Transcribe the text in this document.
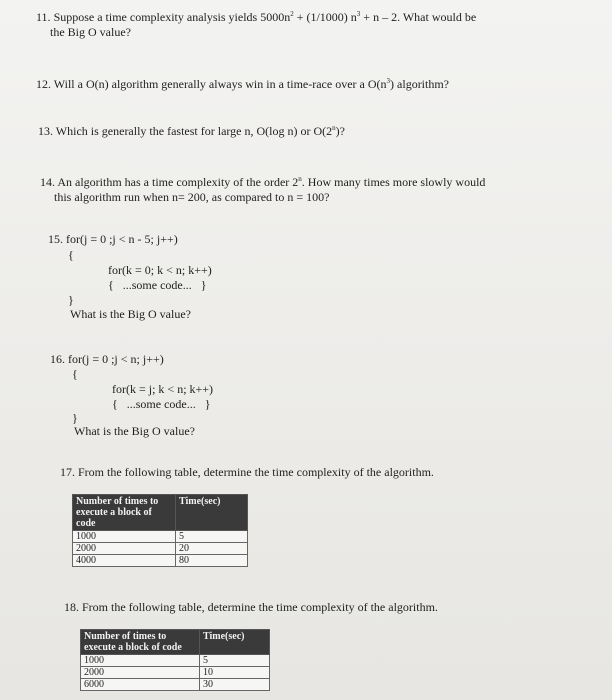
11. Suppose a time complexity analysis yields $5000n^2 + (1/1000) n^3 + n - 2$. What would be
the Big O value?
12. Will a O(n) algorithm generally always win in a time-race over a $O(n^3)$ algorithm?
13. Which is generally the fastest for large n, O(log n) or O(2$^n$)?
14. An algorithm has a time complexity of the order 2$^n$. How many times more slowly would
this algorithm run when n= 200, as compared to n = 100?
15. for(j = 0 ;j < n - 5; j++)
{
for(k = 0; k < n; k++)
{   ...some code...   }
}
What is the Big O value?
16. for(j = 0 ;j < n; j++)
{
for(k = j; k < n; k++)
{   ...some code...   }
}
What is the Big O value?
17. From the following table, determine the time complexity of the algorithm.
Number of times to execute a block of code	Time(sec)
1000	5
2000	20
4000	80
18. From the following table, determine the time complexity of the algorithm.
Number of times to execute a block of code	Time(sec)
1000	5
2000	10
6000	30
